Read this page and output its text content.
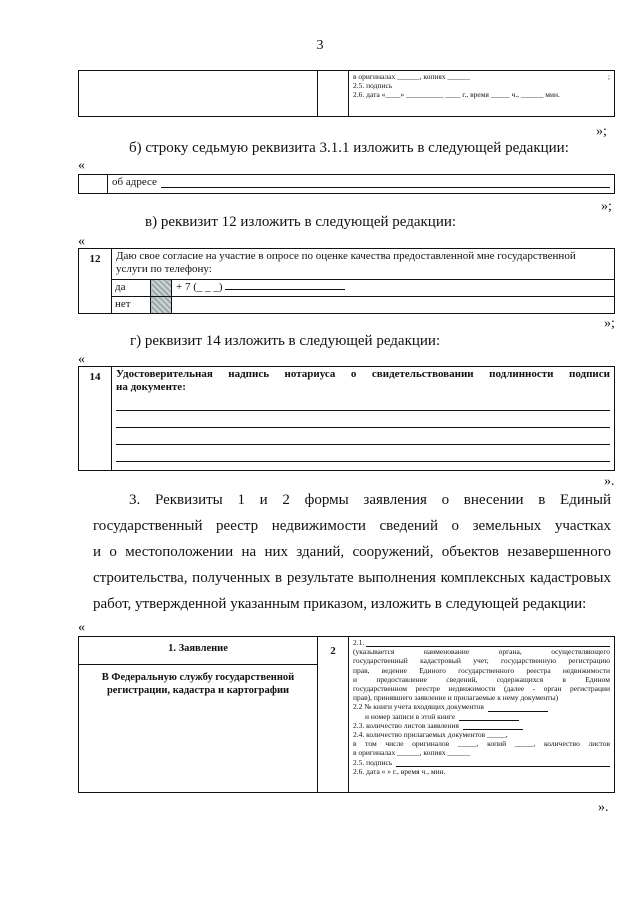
3

в оригиналах ______, копиях ______	;
2.5. подпись
2.6. дата «____» __________ ____ г., время _____ ч., ______ мин.
»;
б) строку седьмую реквизита 3.1.1 изложить в следующей редакции:
«

об адресе
»;
в) реквизит 12 изложить в следующей редакции:
«
12	Даю свое согласие на участие в опросе по оценке качества предоставленной мне государственной
услуги по телефону:		

	да		+ 7 (_ _ _)
	нет		
»;
г) реквизит 14 изложить в следующей редакции:
«
14	Удостоверительная надпись нотариуса о свидетельствовании подлинности подписи
на документе:
».
3. Реквизиты 1 и 2 формы заявления о внесении в Единый
государственный реестр недвижимости сведений о земельных участках
и о местоположении на них зданий, сооружений, объектов незавершенного
строительства, полученных в результате выполнения комплексных кадастровых
работ, утвержденной указанным приказом, изложить в следующей редакции:
«
1. Заявление
В Федеральную службу государственной
регистрации, кадастра и картографии
	2	
2.1.
(указывается наименование органа, осуществляющего
государственный кадастровый учет, государственную регистрацию
прав, ведение Единого государственного реестра недвижимости
и предоставление сведений, содержащихся в Едином
государственном реестре недвижимости (далее - орган регистрации
прав), принявшего заявление и прилагаемые к нему документы)
2.2 № книги учета входящих документов
и номер записи в этой книге
2.3. количество листов заявления
2.4. количество прилагаемых документов _____,
в том числе оригиналов _____, копий _____, количество листов
в оригиналах ______, копиях ______
2.5. подпись
2.6. дата « » г., время ч., мин.
».
